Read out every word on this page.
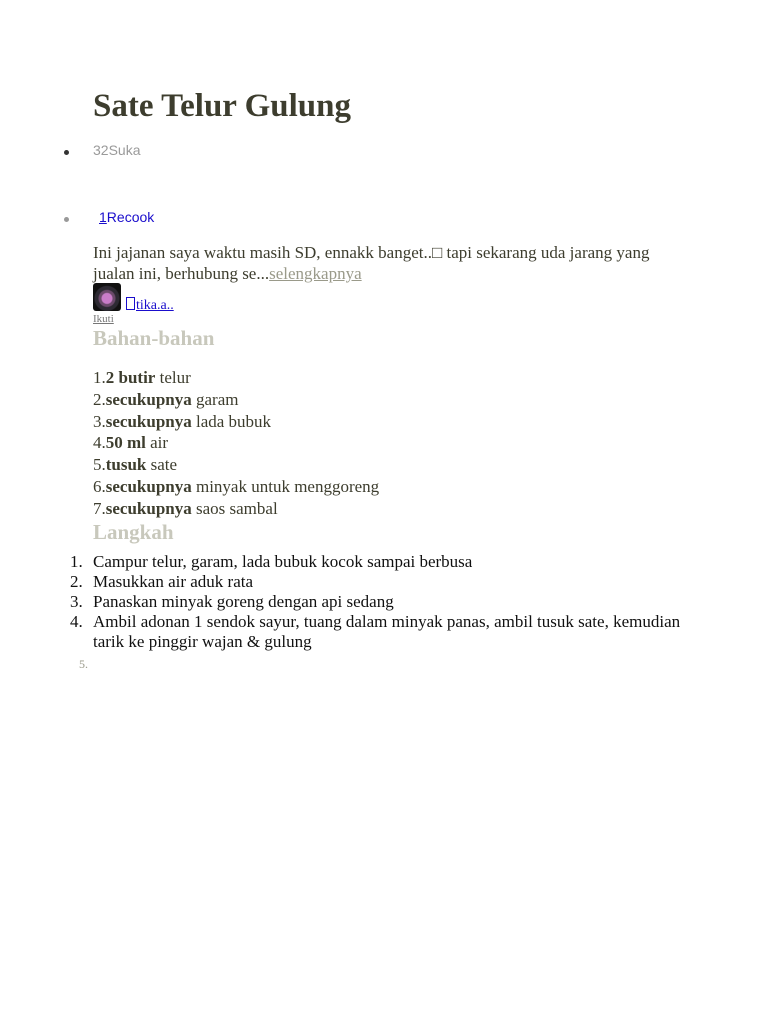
Sate Telur Gulung
32Suka
1Recook
Ini jajanan saya waktu masih SD, ennakk banget..□ tapi sekarang uda jarang yang jualan ini, berhubung se...selengkapnya
tika.a..
Ikuti
Bahan-bahan
1.2 butir telur
2.secukupnya garam
3.secukupnya lada bubuk
4.50 ml air
5.tusuk sate
6.secukupnya minyak untuk menggoreng
7.secukupnya saos sambal
Langkah
1. Campur telur, garam, lada bubuk kocok sampai berbusa
2. Masukkan air aduk rata
3. Panaskan minyak goreng dengan api sedang
4. Ambil adonan 1 sendok sayur, tuang dalam minyak panas, ambil tusuk sate, kemudian tarik ke pinggir wajan & gulung
5.
